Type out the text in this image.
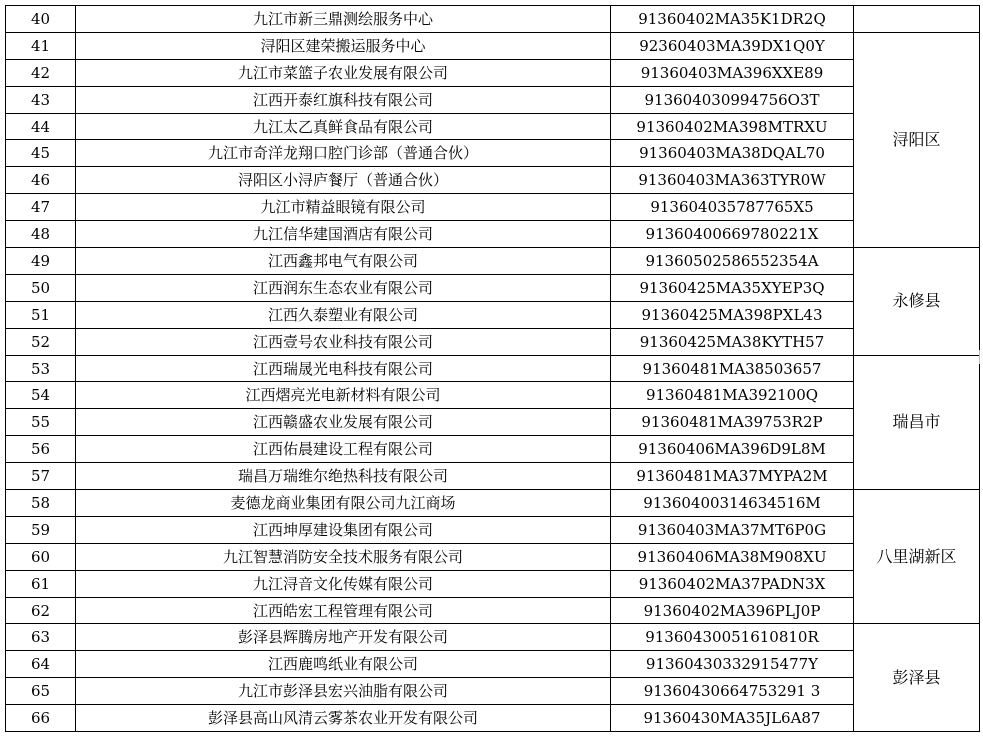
40	九江市新三鼎测绘服务中心	91360402MA35K1DR2Q	
41	浔阳区建荣搬运服务中心	92360403MA39DX1Q0Y	浔阳区
42	九江市菜篮子农业发展有限公司	91360403MA396XXE89	
43	江西开泰红旗科技有限公司	913604030994756O3T	
44	九江太乙真鲜食品有限公司	91360402MA398MTRXU	
45	九江市奇洋龙翔口腔门诊部（普通合伙）	91360403MA38DQAL70	
46	浔阳区小浔庐餐厅（普通合伙）	91360403MA363TYR0W	
47	九江市精益眼镜有限公司	913604035787765X5	
48	九江信华建国酒店有限公司	91360400669780221X	
49	江西鑫邦电气有限公司	91360502586552354A	永修县
50	江西润东生态农业有限公司	91360425MA35XYEP3Q	
51	江西久泰塑业有限公司	91360425MA398PXL43	
52	江西壹号农业科技有限公司	91360425MA38KYTH57	
53	江西瑞晟光电科技有限公司	91360481MA38503657	瑞昌市
54	江西熠亮光电新材料有限公司	91360481MA392100Q	
55	江西赣盛农业发展有限公司	91360481MA39753R2P	
56	江西佑晨建设工程有限公司	91360406MA396D9L8M	
57	瑞昌万瑞维尔绝热科技有限公司	91360481MA37MYPA2M	
58	麦德龙商业集团有限公司九江商场	91360400314634516M	八里湖新区
59	江西坤厚建设集团有限公司	91360403MA37MT6P0G	
60	九江智慧消防安全技术服务有限公司	91360406MA38M908XU	
61	九江浔音文化传媒有限公司	91360402MA37PADN3X	
62	江西皓宏工程管理有限公司	91360402MA396PLJ0P	
63	彭泽县辉腾房地产开发有限公司	91360430051610810R	彭泽县
64	江西鹿鸣纸业有限公司	91360430332915477Y	
65	九江市彭泽县宏兴油脂有限公司	91360430664753291 3	
66	彭泽县高山风清云雾茶农业开发有限公司	91360430MA35JL6A87	
